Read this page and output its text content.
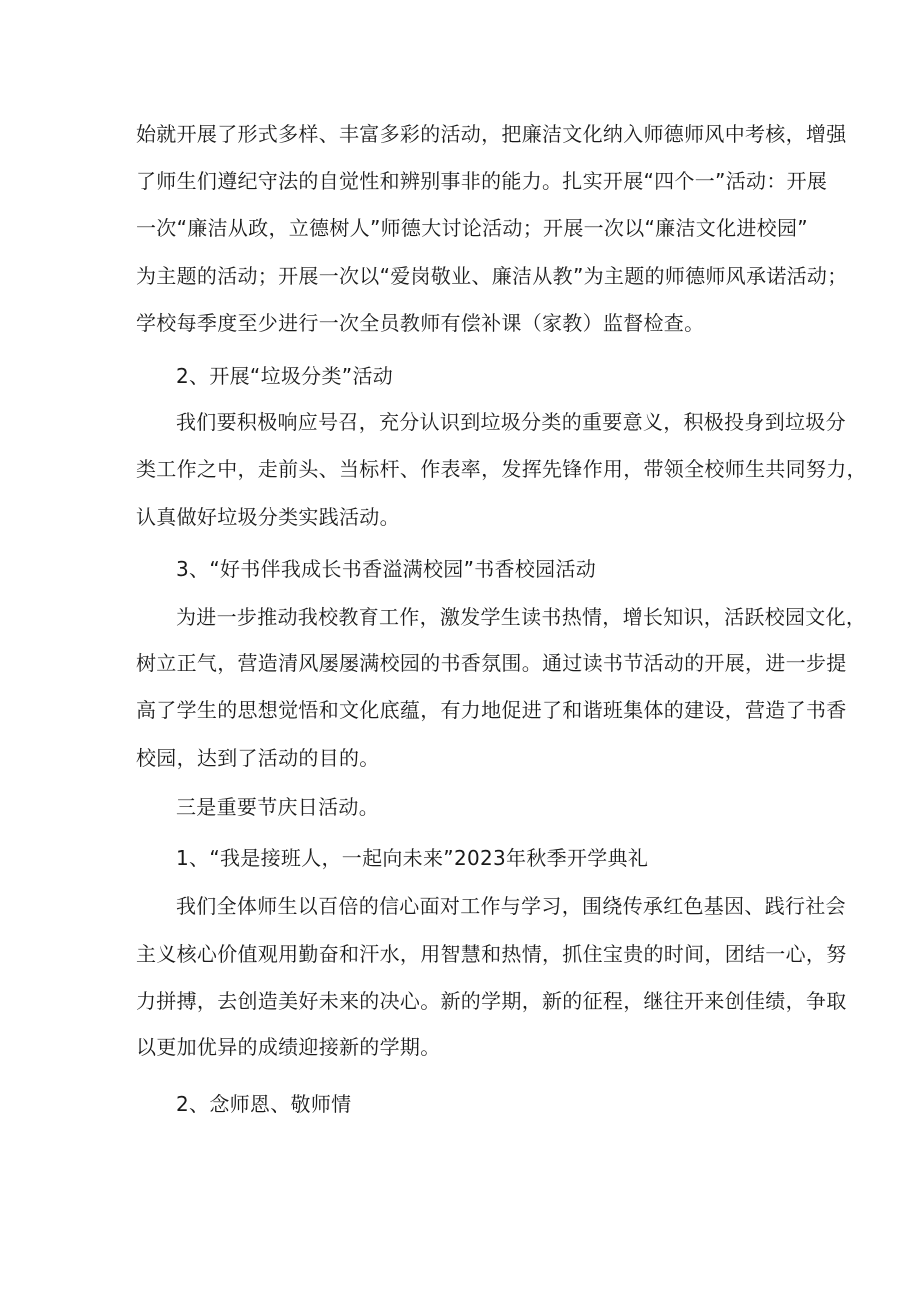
始就开展了形式多样、丰富多彩的活动，把廉洁文化纳入师德师风中考核，增强
了师生们遵纪守法的自觉性和辨别事非的能力。扎实开展“四个一”活动：开展
一次“廉洁从政，立德树人”师德大讨论活动；开展一次以“廉洁文化进校园”
为主题的活动；开展一次以“爱岗敬业、廉洁从教”为主题的师德师风承诺活动；
学校每季度至少进行一次全员教师有偿补课（家教）监督检查。
2、开展“垃圾分类”活动
我们要积极响应号召，充分认识到垃圾分类的重要意义，积极投身到垃圾分
类工作之中，走前头、当标杆、作表率，发挥先锋作用，带领全校师生共同努力，
认真做好垃圾分类实践活动。
3、“好书伴我成长书香溢满校园”书香校园活动
为进一步推动我校教育工作，激发学生读书热情，增长知识，活跃校园文化，
树立正气，营造清风屡屡满校园的书香氛围。通过读书节活动的开展，进一步提
高了学生的思想觉悟和文化底蕴，有力地促进了和谐班集体的建设，营造了书香
校园，达到了活动的目的。
三是重要节庆日活动。
1、“我是接班人，一起向未来”2023年秋季开学典礼
我们全体师生以百倍的信心面对工作与学习，围绕传承红色基因、践行社会
主义核心价值观用勤奋和汗水，用智慧和热情，抓住宝贵的时间，团结一心，努
力拼搏，去创造美好未来的决心。新的学期，新的征程，继往开来创佳绩，争取
以更加优异的成绩迎接新的学期。
2、念师恩、敬师情
